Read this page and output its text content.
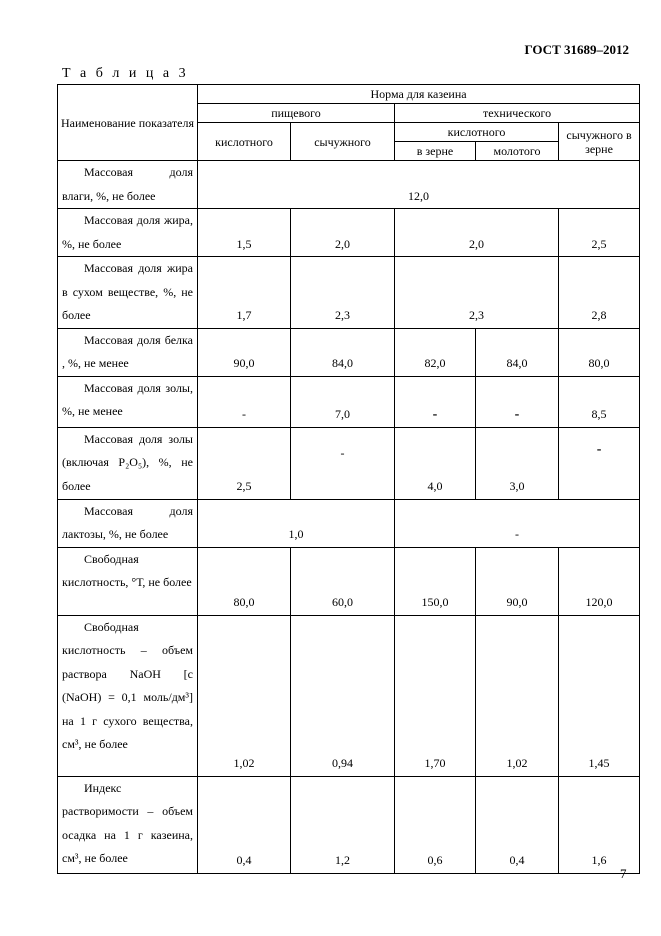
ГОСТ 31689–2012
Т а б л и ц а 3
Наименование показателя	Норма для казеина				
	пищевого		технического		
	кислотного	сычужного	кислотного		сычужного в зерне
			в зерне	молотого	
Массовая доля влаги, %, не более	12,0				
Массовая доля жира, %, не более	1,5	2,0	2,0		2,5
Массовая доля жира в сухом веществе, %, не более	1,7	2,3	2,3		2,8
Массовая доля белка , %, не менее	90,0	84,0	82,0	84,0	80,0
Массовая доля золы, %, не менее	-	7,0	-	-	8,5
Массовая доля золы (включая P₂O₅), %, не более	2,5	-	4,0	3,0	-
Массовая доля лактозы, %, не более	1,0		-		
Свободная кислотность, °Т, не более	80,0	60,0	150,0	90,0	120,0
Свободная кислотность – объем раствора NaOH [c (NaOH) = 0,1 моль/дм³] на 1 г сухого вещества, см³, не более	1,02	0,94	1,70	1,02	1,45
Индекс растворимости – объем осадка на 1 г казеина, см³, не более	0,4	1,2	0,6	0,4	1,6
7
